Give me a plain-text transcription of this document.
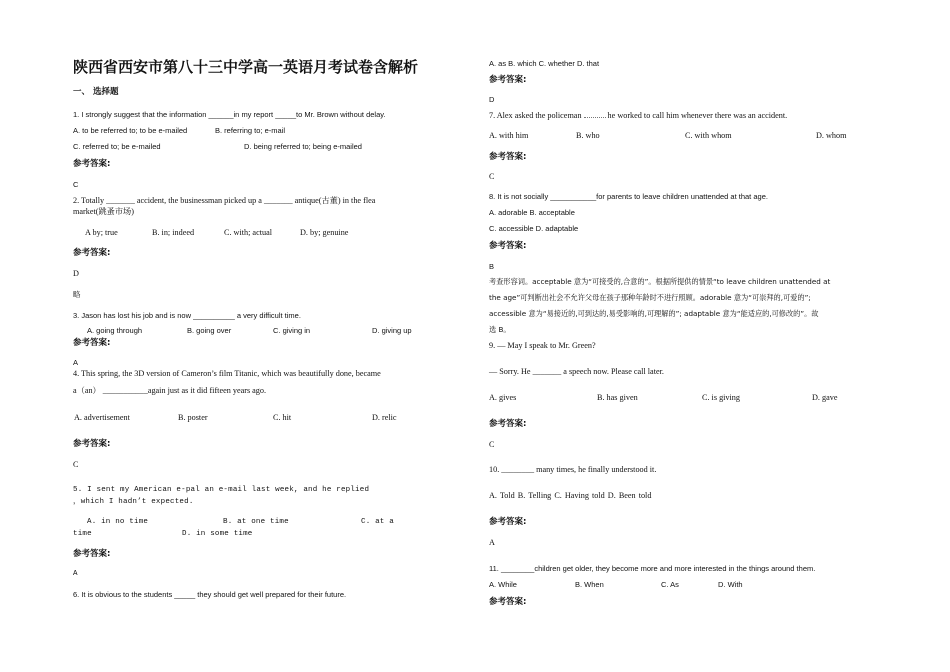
陕西省西安市第八十三中学高一英语月考试卷含解析
一、 选择题
1. I strongly suggest that the information ______in my report _____to Mr. Brown without delay.
A. to be referred to; to be e-mailed	B. referring to; e-mail
C. referred to; be e-mailed	D. being referred to; being e-mailed
参考答案:
C
2. Totally _______ accident, the businessman picked up a _______ antique(古董) in the flea
market(跳蚤市场)
A by; true	B. in; indeed	C. with; actual	D. by; genuine
参考答案:
D
略
3. Jason has lost his job and is now __________ a very difficult time.
A. going through	B. going over	C. giving in	D. giving up
参考答案:
A
4. This spring, the 3D version of Cameron’s film Titanic, which was beautifully done, became
a（an） ___________again just as it did fifteen years ago.
A. advertisement	B. poster	C. hit	D. relic
参考答案:
C
5. I sent my American e-pal an e-mail last week, and he replied
，which I hadn’t expected.
A. in no time	B. at one time	C. at a
time	D. in some time
参考答案:
A
6. It is obvious to the students _____ they should get well prepared for their future.
A. as B. which C. whether D. that
参考答案:
D
7. Alex asked the policeman	he worked to call him whenever there was an accident.
A. with him	B. who	C. with whom	D. whom
参考答案:
C
8. It is not socially ___________for parents to leave children unattended at that age.
A. adorable B. acceptable
C. accessible D. adaptable
参考答案:
B
考查形容词。acceptable 意为“可接受的,合意的”。根据所提供的情景“to leave children unattended at
the age”可判断出社会不允许父母在孩子那种年龄时不进行照顾。adorable 意为“可崇拜的,可爱的”;
accessible 意为“易接近的,可到达的,易受影响的,可理解的”; adaptable 意为“能适应的,可修改的”。故
选 B。
9. — May I speak to Mr. Green?
— Sorry. He _______ a speech now. Please call later.
A. gives	B. has given	C. is giving	D. gave
参考答案:
C
10. ________ many times, he finally understood it.
A. Told B. Telling C. Having told D. Been told
参考答案:
A
11. ________children get older, they become more and more interested in the things around them.
A. While	B. When	C. As	D. With
参考答案:
